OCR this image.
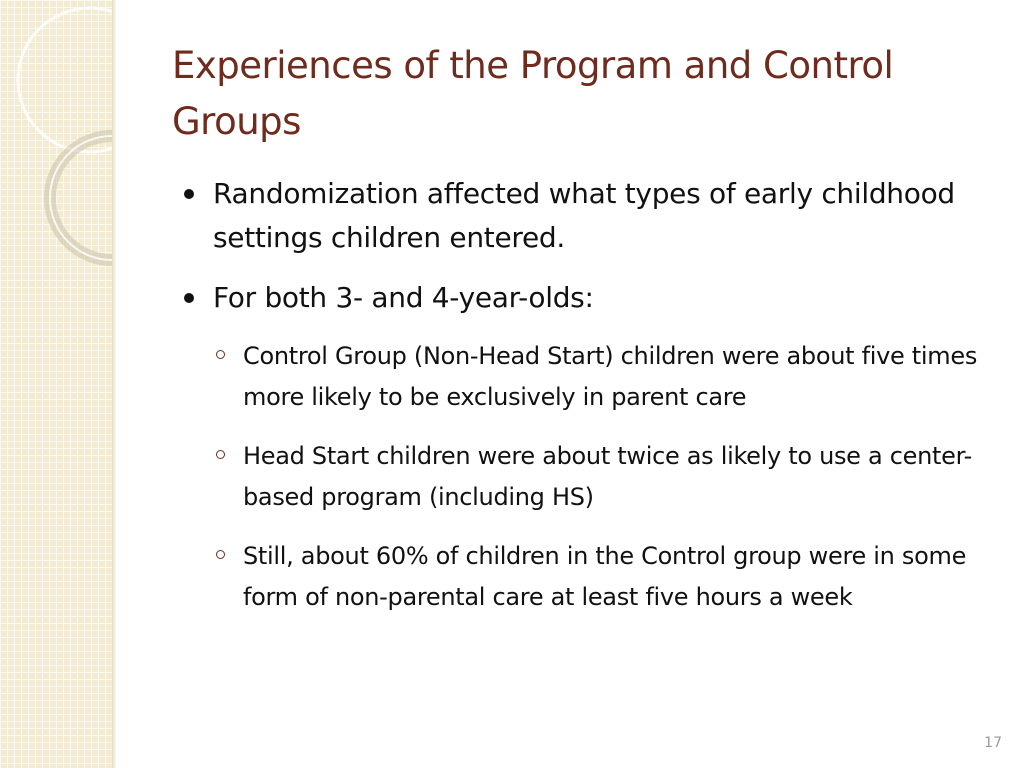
Experiences of the Program and Control Groups
Randomization affected what types of early childhood settings children entered.
For both 3- and 4-year-olds:
Control Group (Non-Head Start) children were about five times more likely to be exclusively in parent care
Head Start children were about twice as likely to use a center-based program (including HS)
Still, about 60% of children in the Control group were in some form of non-parental care at least five hours a week
17
